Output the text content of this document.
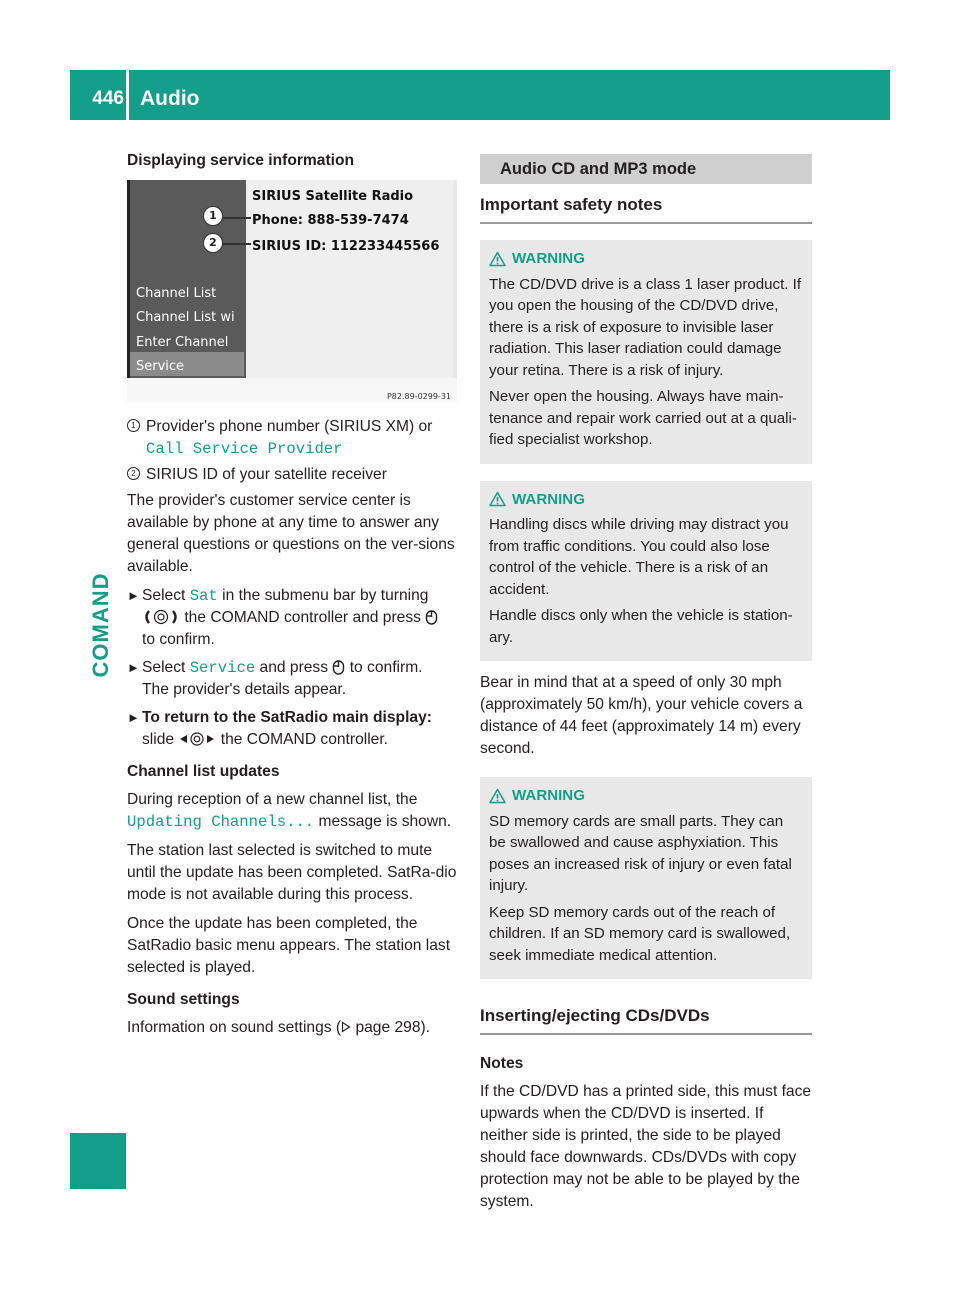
446 Audio
COMAND

Displaying service information

Channel List
Channel List wi
Enter Channel
Service
SIRIUS Satellite Radio
Phone: 888-539-7474
SIRIUS ID: 112233445566
1
2
P82.89-0299-31
1 Provider's phone number (SIRIUS XM) or
Call Service Provider
2 SIRIUS ID of your satellite receiver

The provider's customer service center is available by phone at any time to answer any general questions or questions on the ver-sions available.

► Select Sat in the submenu bar by turning
the COMAND controller and press
to confirm.
► Select Service and press to confirm.
The provider's details appear.
► To return to the SatRadio main display:
slide	the COMAND controller.

Channel list updates

During reception of a new channel list, the
Updating Channels... message is shown.

The station last selected is switched to mute until the update has been completed. SatRa-dio mode is not available during this process.

Once the update has been completed, the SatRadio basic menu appears. The station last selected is played.

Sound settings

Information on sound settings ( page 298).

Audio CD and MP3 mode
Important safety notes
WARNING

The CD/DVD drive is a class 1 laser product. If you open the housing of the CD/DVD drive, there is a risk of exposure to invisible laser radiation. This laser radiation could damage your retina. There is a risk of injury.

Never open the housing. Always have main-tenance and repair work carried out at a quali-fied specialist workshop.

WARNING

Handling discs while driving may distract you from traffic conditions. You could also lose control of the vehicle. There is a risk of an accident.

Handle discs only when the vehicle is station-ary.

Bear in mind that at a speed of only 30 mph (approximately 50 km/h), your vehicle covers a distance of 44 feet (approximately 14 m) every second.

WARNING

SD memory cards are small parts. They can be swallowed and cause asphyxiation. This poses an increased risk of injury or even fatal injury.

Keep SD memory cards out of the reach of children. If an SD memory card is swallowed, seek immediate medical attention.

Inserting/ejecting CDs/DVDs

Notes

If the CD/DVD has a printed side, this must face upwards when the CD/DVD is inserted. If neither side is printed, the side to be played should face downwards. CDs/DVDs with copy protection may not be able to be played by the system.
